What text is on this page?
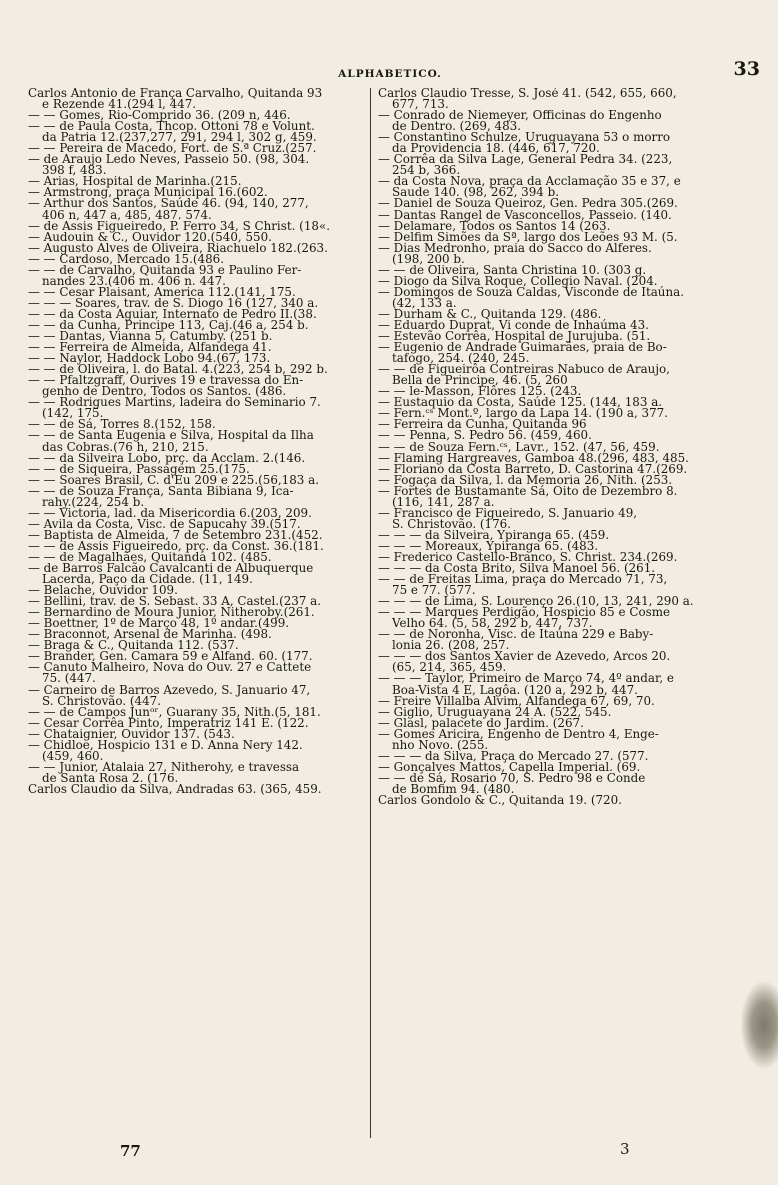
ALPHABETICO.	33

Carlos Antonio de França Carvalho, Quitanda 93
e Rezende 41.(294 l, 447.

— — Gomes, Rio-Comprido 36. (209 n, 446.

— — de Paula Costa, Thcop. Ottoni 78 e Volunt.
da Patria 12.(237,277, 291, 294 l, 302 g, 459.

— — Pereira de Macedo, Fort. de S.ª Cruz.(257.

— de Araujo Ledo Neves, Passeio 50. (98, 304.
398 f, 483.

— Arias, Hospital de Marinha.(215.

— Armstrong, praça Municipal 16.(602.

— Arthur dos Santos, Saúde 46. (94, 140, 277,
406 n, 447 a, 485, 487. 574.

— de Assis Figueiredo, P. Ferro 34, S Christ. (18«.

— Audouin & C., Ouvidor 120.(540, 550.

— Augusto Alves de Oliveira, Riachuelo 182.(263.

— — Cardoso, Mercado 15.(486.

— — de Carvalho, Quitanda 93 e Paulino Fer-
nandes 23.(406 m. 406 n. 447.

— — Cesar Plaisant, America 112.(141, 175.

— — — Soares, trav. de S. Diogo 16 (127, 340 a.

— — da Costa Aguiar, Internato de Pedro II.(38.

— — da Cunha, Principe 113, Caj.(46 a, 254 b.

— — Dantas, Vianna 5, Catumby. (251 b.

— — Ferreira de Almeida, Alfandega 41.

— — Naylor, Haddock Lobo 94.(67, 173.

— — de Oliveira, l. do Batal. 4.(223, 254 b, 292 b.

— — Pfaltzgraff, Ourives 19 e travessa do En-
genho de Dentro, Todos os Santos. (486.

— — Rodrigues Martins, ladeira do Seminario 7.
(142, 175.

— — de Sá, Torres 8.(152, 158.

— — de Santa Eugenia e Silva, Hospital da Ilha
das Cobras.(76 h, 210, 215.

— — da Silveira Lobo, prç. da Acclam. 2.(146.

— — de Siqueira, Passagem 25.(175.

— — Soares Brasil, C. d'Eu 209 e 225.(56,183 a.

— — de Souza França, Santa Bibiana 9, Ica-
rahy.(224, 254 b.

— — Victoria, lad. da Misericordia 6.(203, 209.

— Avila da Costa, Visc. de Sapucahy 39.(517.

— Baptista de Almeida, 7 de Setembro 231.(452.

— — de Assis Figueiredo, prç. da Const. 36.(181.

— — de Magalhães, Quitanda 102. (485.

— de Barros Falcão Cavalcanti de Albuquerque
Lacerda, Paço da Cidade. (11, 149.

— Belache, Ouvidor 109.

— Bellini, trav. de S. Sebast. 33 A, Castel.(237 a.

— Bernardino de Moura Junior, Nitheroby.(261.

— Boettner, 1º de Março 48, 1º andar.(499.

— Braconnot, Arsenal de Marinha. (498.

— Braga & C., Quitanda 112. (537.

— Brander, Gen. Camara 59 e Alfand. 60. (177.

— Canuto Malheiro, Nova do Ouv. 27 e Cattete
75. (447.

— Carneiro de Barros Azevedo, S. Januario 47,
S. Christovão. (447.

— — de Campos Junᵒʳ, Guarany 35, Nith.(5, 181.

— Cesar Corrêa Pinto, Imperatriz 141 E. (122.

— Chataignier, Ouvidor 137. (543.

— Chidloe, Hospicio 131 e D. Anna Nery 142.
(459, 460.

— — Junior, Atalaia 27, Nitherohy, e travessa
de Santa Rosa 2. (176.

Carlos Claudio da Silva, Andradas 63. (365, 459.

Carlos Claudio Tresse, S. José 41. (542, 655, 660,
677, 713.

— Conrado de Niemeyer, Officinas do Engenho
de Dentro. (269, 483.

— Constantino Schulze, Uruguayana 53 o morro
da Providencia 18. (446, 617, 720.

— Corrêa da Silva Lage, General Pedra 34. (223,
254 b, 366.

— da Costa Nova, praça da Acclamação 35 e 37, e
Saude 140. (98, 262, 394 b.

— Daniel de Souza Queiroz, Gen. Pedra 305.(269.

— Dantas Rangel de Vasconcellos, Passeio. (140.

— Delamare, Todos os Santos 14 (263.

— Delfim Simões da Sª, largo dos Leões 93 M. (5.

— Dias Medronho, praia do Sacco do Alferes.
(198, 200 b.

— — de Oliveira, Santa Christina 10. (303 g.

— Diogo da Silva Roque, Collegio Naval. (204.

— Domingos de Souza Caldas, Visconde de Itaúna.
(42, 133 a.

— Durham & C., Quitanda 129. (486.

— Eduardo Duprat, Vi conde de Inhaúma 43.

— Estevão Corrêa, Hospital de Jurujuba. (51.

— Eugenio de Andrade Guimarães, praia de Bo-
tafogo, 254. (240, 245.

— — de Figueirôa Contreiras Nabuco de Araujo,
Bella de Principe, 46. (5, 260

— — le-Masson, Flôres 125. (243.

— Eustaquio da Costa, Saúde 125. (144, 183 a.

— Fern.ᶜˢ Mont.º, largo da Lapa 14. (190 a, 377.

— Ferreira da Cunha, Quitanda 96

— — Penna, S. Pedro 56. (459, 460.

— — de Souza Fern.ᶜˢ, Lavr., 152. (47, 56, 459.

— Flaming Hargreaves, Gamboa 48.(296, 483, 485.

— Floriano da Costa Barreto, D. Castorina 47.(269.

— Fogaça da Silva, l. da Memoria 26, Nith. (253.

— Fortes de Bustamante Sá, Oito de Dezembro 8.
(116, 141, 287 a.

— Francisco de Figueiredo, S. Januario 49,
S. Christovão. (176.

— — — da Silveira, Ypiranga 65. (459.

— — — Moreaux, Ypiranga 65. (483.

— Frederico Castello-Branco, S. Christ. 234.(269.

— — — da Costa Brito, Silva Manoel 56. (261.

— — de Freitas Lima, praça do Mercado 71, 73,
75 e 77. (577.

— — — de Lima, S. Lourenço 26.(10, 13, 241, 290 a.

— — — Marques Perdigão, Hospicio 85 e Cosme
Velho 64. (5, 58, 292 b, 447, 737.

— — de Noronha, Visc. de Itaúna 229 e Baby-
lonia 26. (208, 257.

— — — dos Santos Xavier de Azevedo, Arcos 20.
(65, 214, 365, 459.

— — — Taylor, Primeiro de Março 74, 4º andar, e
Boa-Vista 4 E, Lagôa. (120 a, 292 b, 447.

— Freire Villalba Alvim, Alfandega 67, 69, 70.

— Giglio, Uruguayana 24 A. (522, 545.

— Glasl, palacete do Jardim. (267.

— Gomes Aricira, Engenho de Dentro 4, Enge-
nho Novo. (255.

— — — da Silva, Praça do Mercado 27. (577.

— Gonçalves Mattos, Capella Imperial. (69.

— — de Sá, Rosario 70, S. Pedro 98 e Conde
de Bomfim 94. (480.

Carlos Gondolo & C., Quitanda 19. (720.

77	3
